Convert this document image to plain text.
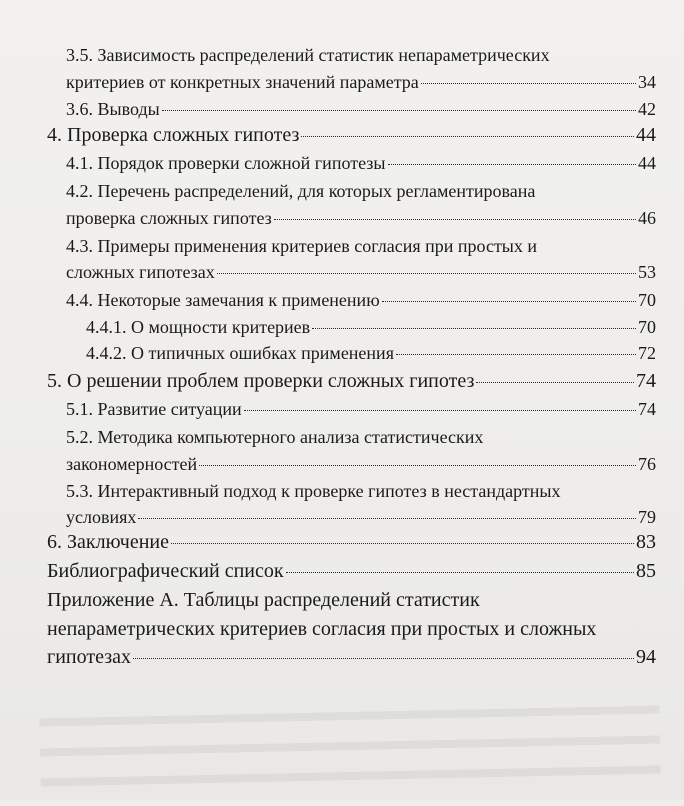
3.5. Зависимость распределений статистик непараметрических
критериев от конкретных значений параметра	34
3.6. Выводы	42
4. Проверка сложных гипотез	44
4.1. Порядок проверки сложной гипотезы	44
4.2. Перечень распределений, для которых регламентирована
проверка сложных гипотез	46
4.3. Примеры применения критериев согласия при простых и
сложных гипотезах	53
4.4. Некоторые замечания к применению	70
4.4.1. О мощности критериев	70
4.4.2. О типичных ошибках применения	72
5. О решении проблем проверки сложных гипотез	74
5.1. Развитие ситуации	74
5.2. Методика компьютерного анализа статистических
закономерностей	76
5.3. Интерактивный подход к проверке гипотез в нестандартных
условиях	79
6. Заключение	83
Библиографический список	85
Приложение А. Таблицы распределений статистик
непараметрических критериев согласия при простых и сложных
гипотезах	94
